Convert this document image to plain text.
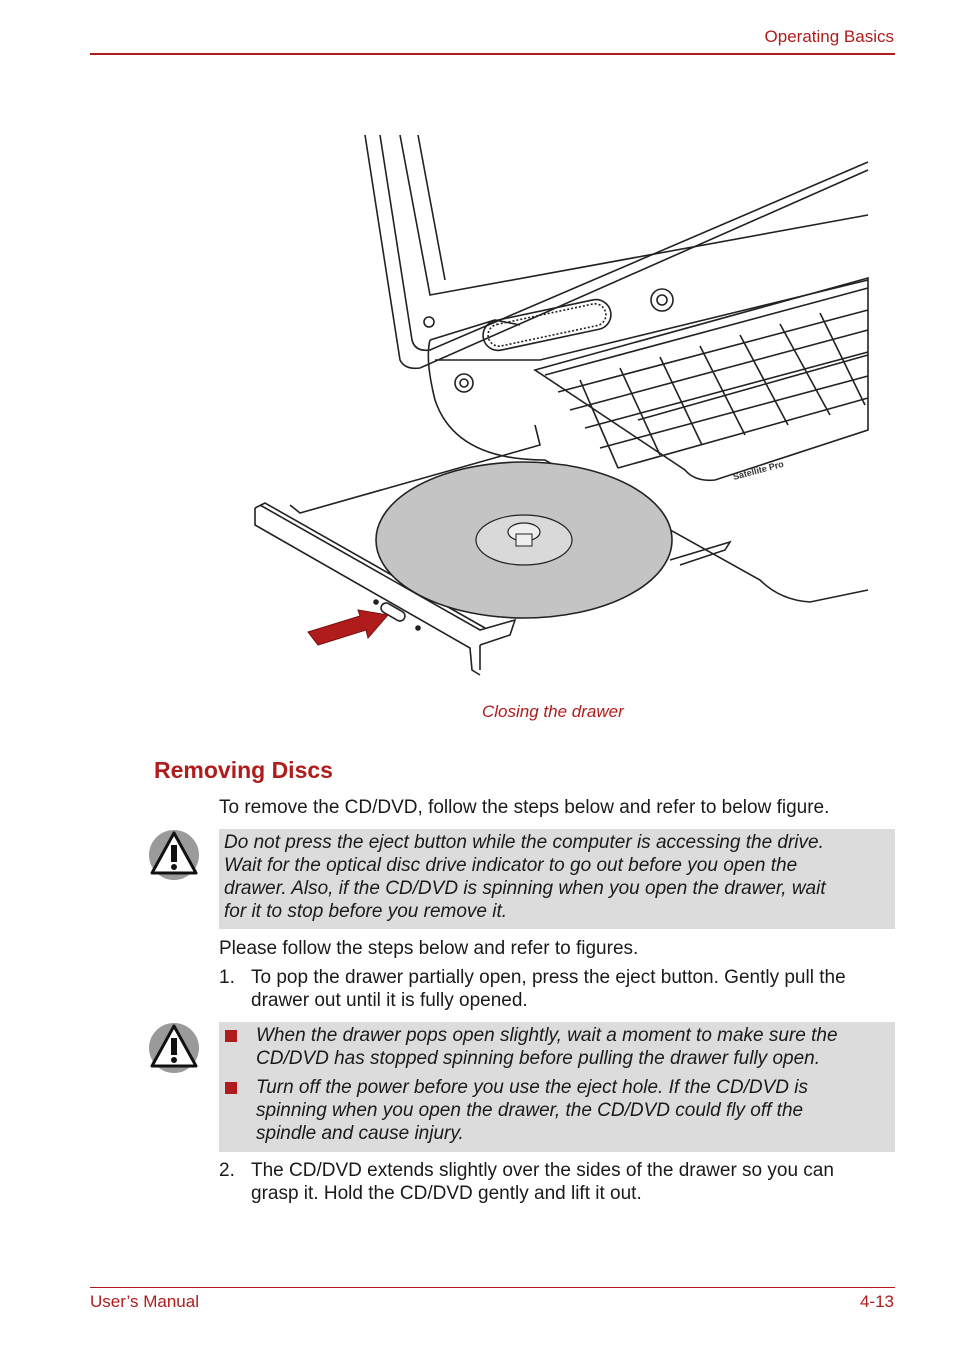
Operating Basics
Satellite Pro
Closing the drawer
Removing Discs
To remove the CD/DVD, follow the steps below and refer to below figure.
Do not press the eject button while the computer is accessing the drive.
Wait for the optical disc drive indicator to go out before you open the
drawer. Also, if the CD/DVD is spinning when you open the drawer, wait
for it to stop before you remove it.
Please follow the steps below and refer to figures.
1. To pop the drawer partially open, press the eject button. Gently pull the
drawer out until it is fully opened.
When the drawer pops open slightly, wait a moment to make sure the
CD/DVD has stopped spinning before pulling the drawer fully open.
Turn off the power before you use the eject hole. If the CD/DVD is
spinning when you open the drawer, the CD/DVD could fly off the
spindle and cause injury.
2. The CD/DVD extends slightly over the sides of the drawer so you can
grasp it. Hold the CD/DVD gently and lift it out.
User’s Manual	4-13
